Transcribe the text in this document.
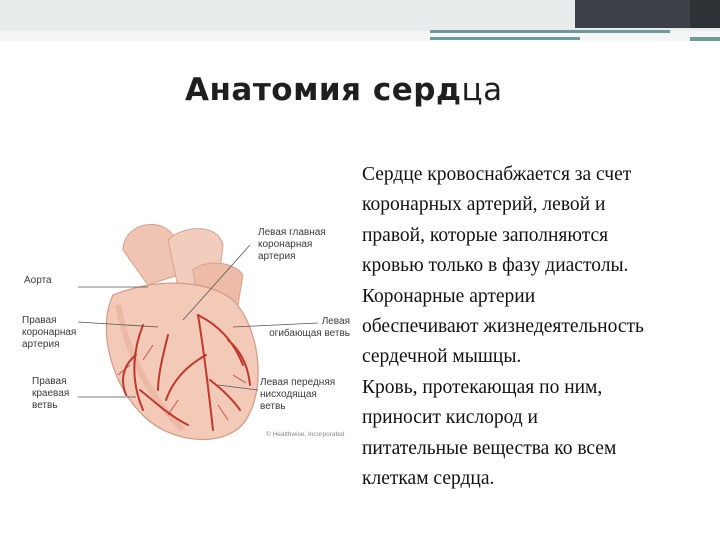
Анатомия сердца
Аорта
Правая
коронарная
артерия
Правая
краевая
ветвь
Левая главная
коронарная
артерия
Левая
огибающая ветвь
Левая передняя
нисходящая
ветвь
© Healthwise, Incorporated
Сердце кровоснабжается за счет
коронарных артерий, левой и
правой, которые заполняются
кровью только в фазу диастолы.
Коронарные артерии
обеспечивают жизнедеятельность
сердечной мышцы.
Кровь, протекающая по ним,
приносит кислород и
питательные вещества ко всем
клеткам сердца.
